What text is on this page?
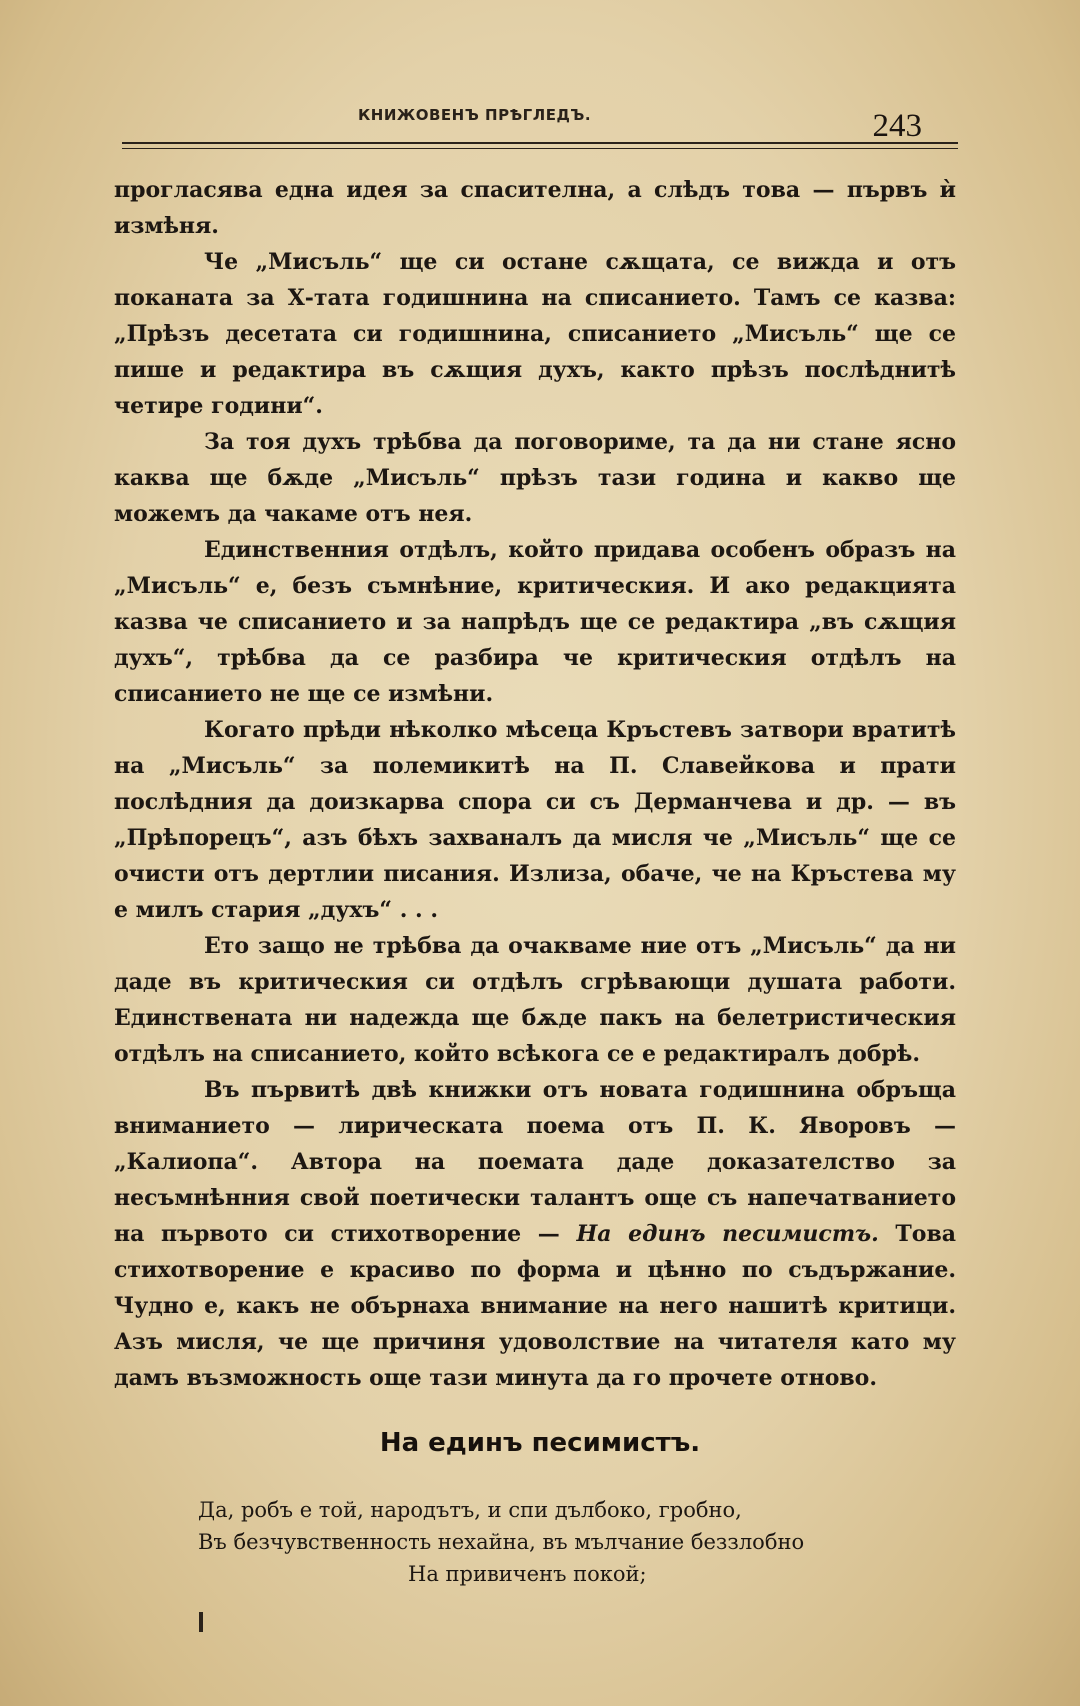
КНИЖОВЕНЪ ПРѢГЛЕДЪ.	243

прогласява една идея за спасителна, а слѣдъ това — първъ ѝ измѣня.

Че „Мисъль“ ще си остане сѫщата, се вижда и отъ поканата за Х-тата годишнина на списанието. Тамъ се казва: „Прѣзъ десетата си годишнина, списанието „Мисъль“ ще се пише и редактира въ сѫщия духъ, както прѣзъ послѣднитѣ четире години“.

За тоя духъ трѣбва да поговоримe, та да ни стане ясно каква ще бѫде „Мисъль“ прѣзъ тази година и какво ще можемъ да чакаме отъ нея.

Единственния отдѣлъ, който придава особенъ образъ на „Мисъль“ е, безъ съмнѣние, критическия. И ако редакцията казва че списанието и за напрѣдъ ще се редактира „въ сѫщия духъ“, трѣбва да се разбира че критическия отдѣлъ на списанието не ще се измѣни.

Когато прѣди нѣколко мѣсеца Кръстевъ затвори вратитѣ на „Мисъль“ за полемикитѣ на П. Славейкова и прати послѣдния да доизкарва спора си съ Дерманчева и др. — въ „Прѣпорецъ“, азъ бѣхъ захваналъ да мисля че „Мисъль“ ще се очисти отъ дертлии писания. Излиза, обаче, че на Кръстева му е милъ стария „духъ“ . . .

Ето защо не трѣбва да очакваме ние отъ „Мисъль“ да ни даде въ критическия си отдѣлъ сгрѣвающи душата работи. Единствената ни надежда ще бѫде пакъ на белетристическия отдѣлъ на списанието, който всѣкога се е редактиралъ добрѣ.

Въ първитѣ двѣ книжки отъ новата годишнина обръща вниманието — лирическата поема отъ П. К. Яворовъ — „Калиопа“. Автора на поемата даде доказателство за несъмнѣнния свой поетически талантъ още съ напечатванието на първото си стихотворение — На единъ песимистъ. Това стихотворение е красиво по форма и цѣнно по съдържание. Чудно е, какъ не обърнаха внимание на него нашитѣ критици. Азъ мисля, че ще причиня удоволствие на читателя като му дамъ възможность още тази минута да го прочете отново.

На единъ песимистъ.
Да, робъ е той, народътъ, и спи дълбоко, гробно,
Въ безчувственность нехайна, въ мълчание беззлобно
На привиченъ покой;
